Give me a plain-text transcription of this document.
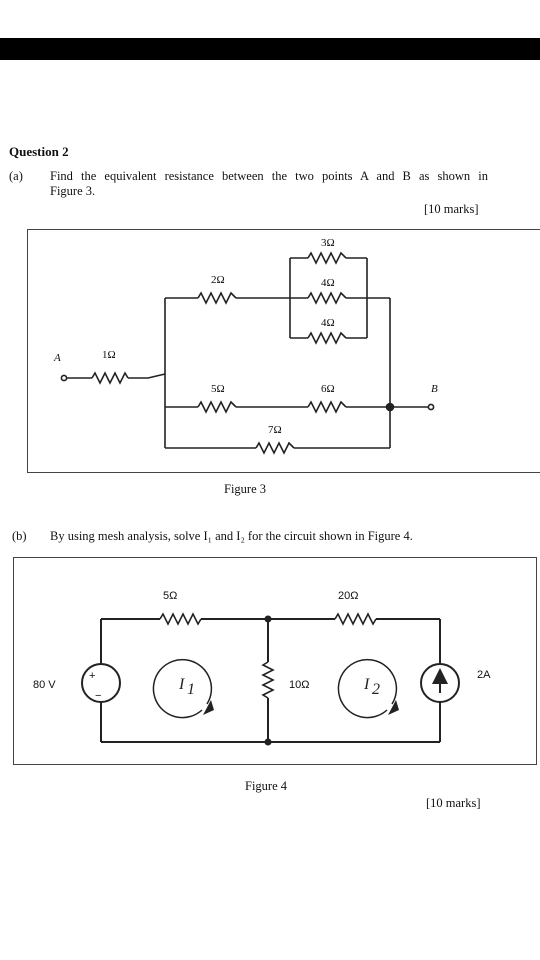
Question 2
(a) Find the equivalent resistance between the two points A and B as shown in
Figure 3.
[10 marks]
Figure 3
(b) By using mesh analysis, solve I₁ and I₂ for the circuit shown in Figure 4.
Figure 4
[10 marks]
A
B
1Ω
2Ω
3Ω
4Ω
4Ω
5Ω	6Ω
7Ω
+
−
80 V
5Ω	20Ω
10Ω
2A
I 1	I 2
